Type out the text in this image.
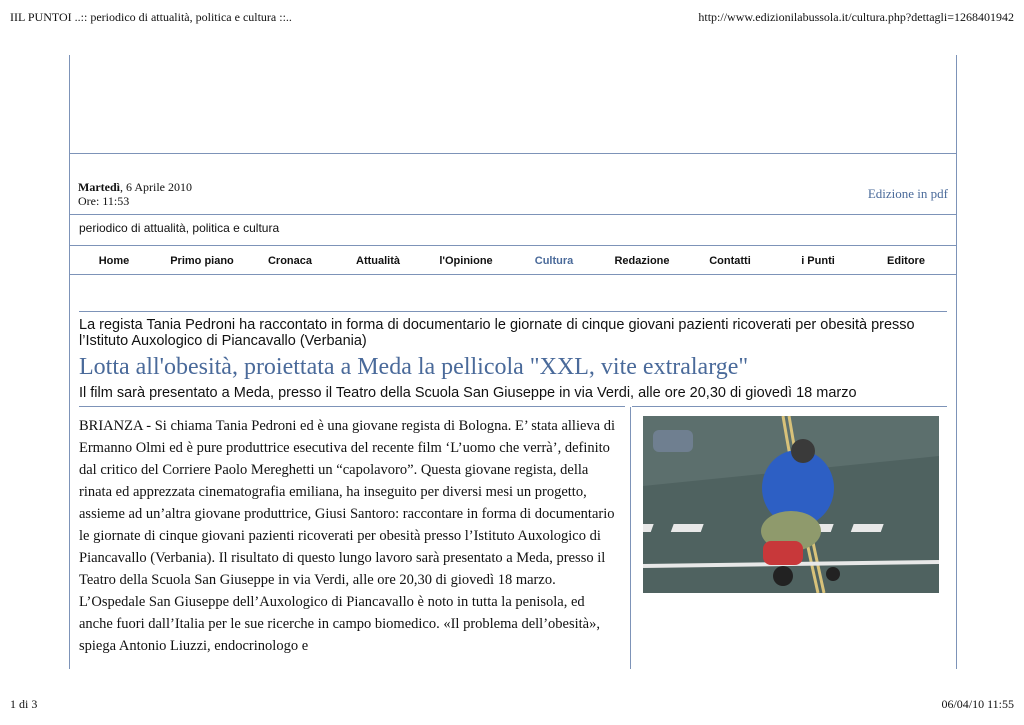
IIL PUNTOI ..:: periodico di attualità, politica e cultura ::..	http://www.edizionilabussola.it/cultura.php?dettagli=1268401942
Martedì, 6 Aprile 2010
Ore: 11:53	Edizione in pdf
periodico di attualità, politica e cultura
Home	Primo piano	Cronaca	Attualità	l'Opinione	Cultura	Redazione	Contatti	i Punti	Editore

La regista Tania Pedroni ha raccontato in forma di documentario le giornate di cinque giovani pazienti ricoverati per obesità presso l’Istituto Auxologico di Piancavallo (Verbania)

Lotta all'obesità, proiettata a Meda la pellicola "XXL, vite extralarge"

Il film sarà presentato a Meda, presso il Teatro della Scuola San Giuseppe in via Verdi, alle ore 20,30 di giovedì 18 marzo

BRIANZA - Si chiama Tania Pedroni ed è una giovane regista di Bologna. E’ stata allieva di Ermanno Olmi ed è pure produttrice esecutiva del recente film ‘L’uomo che verrà’, definito dal critico del Corriere Paolo Mereghetti un “capolavoro”. Questa giovane regista, della rinata ed apprezzata cinematografia emiliana, ha inseguito per diversi mesi un progetto, assieme ad un’altra giovane produttrice, Giusi Santoro: raccontare in forma di documentario le giornate di cinque giovani pazienti ricoverati per obesità presso l’Istituto Auxologico di Piancavallo (Verbania). Il risultato di questo lungo lavoro sarà presentato a Meda, presso il Teatro della Scuola San Giuseppe in via Verdi, alle ore 20,30 di giovedì 18 marzo. L’Ospedale San Giuseppe dell’Auxologico di Piancavallo è noto in tutta la penisola, ed anche fuori dall’Italia per le sue ricerche in campo biomedico. «Il problema dell’obesità», spiega Antonio Liuzzi, endocrinologo e
1 di 3	06/04/10 11:55
